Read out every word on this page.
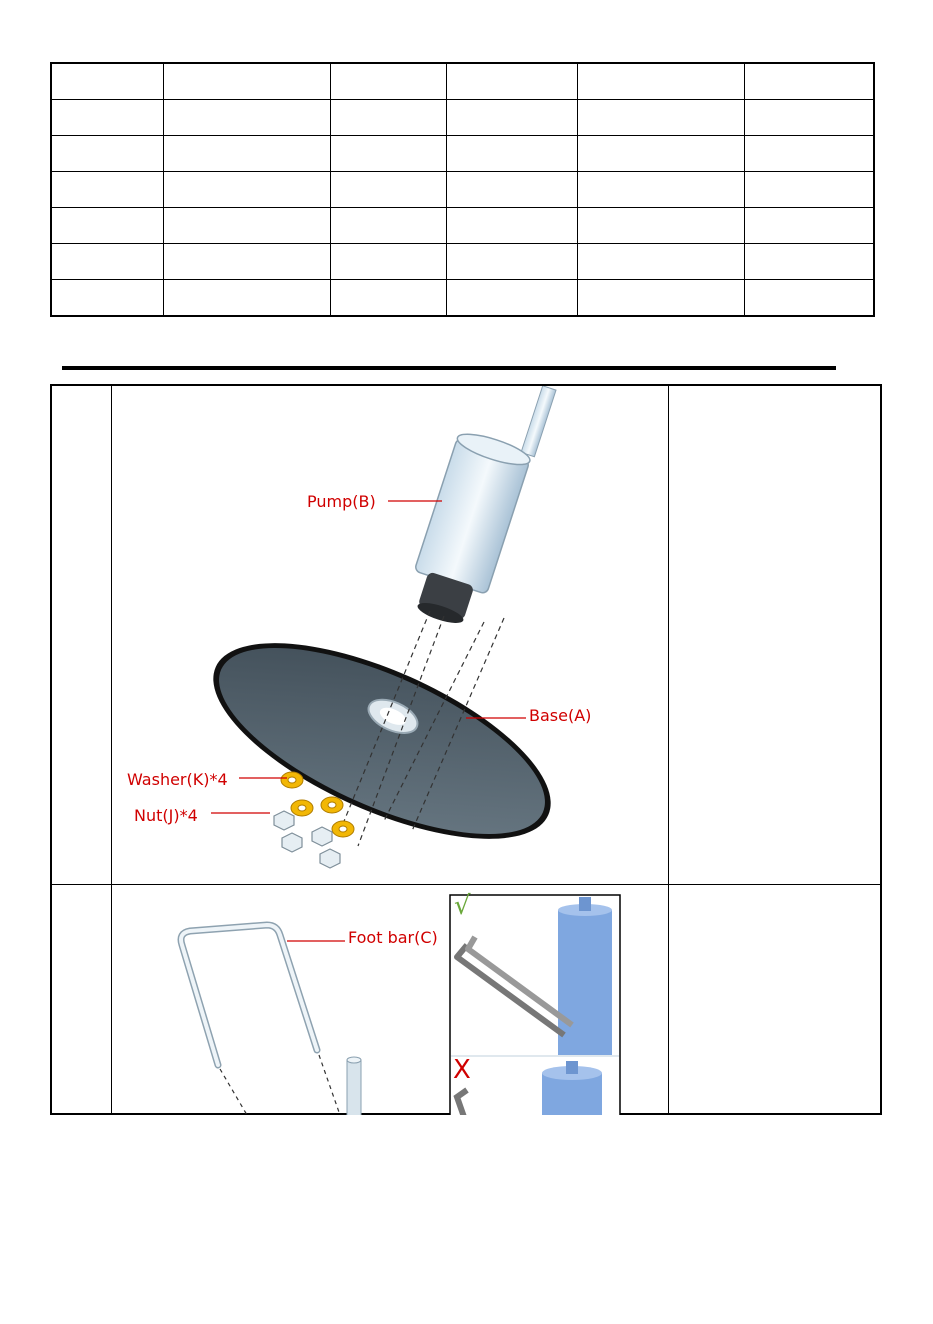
Pump(B)
Base(A)
Washer(K)*4
Nut(J)*4
Foot bar(C)
√
X
